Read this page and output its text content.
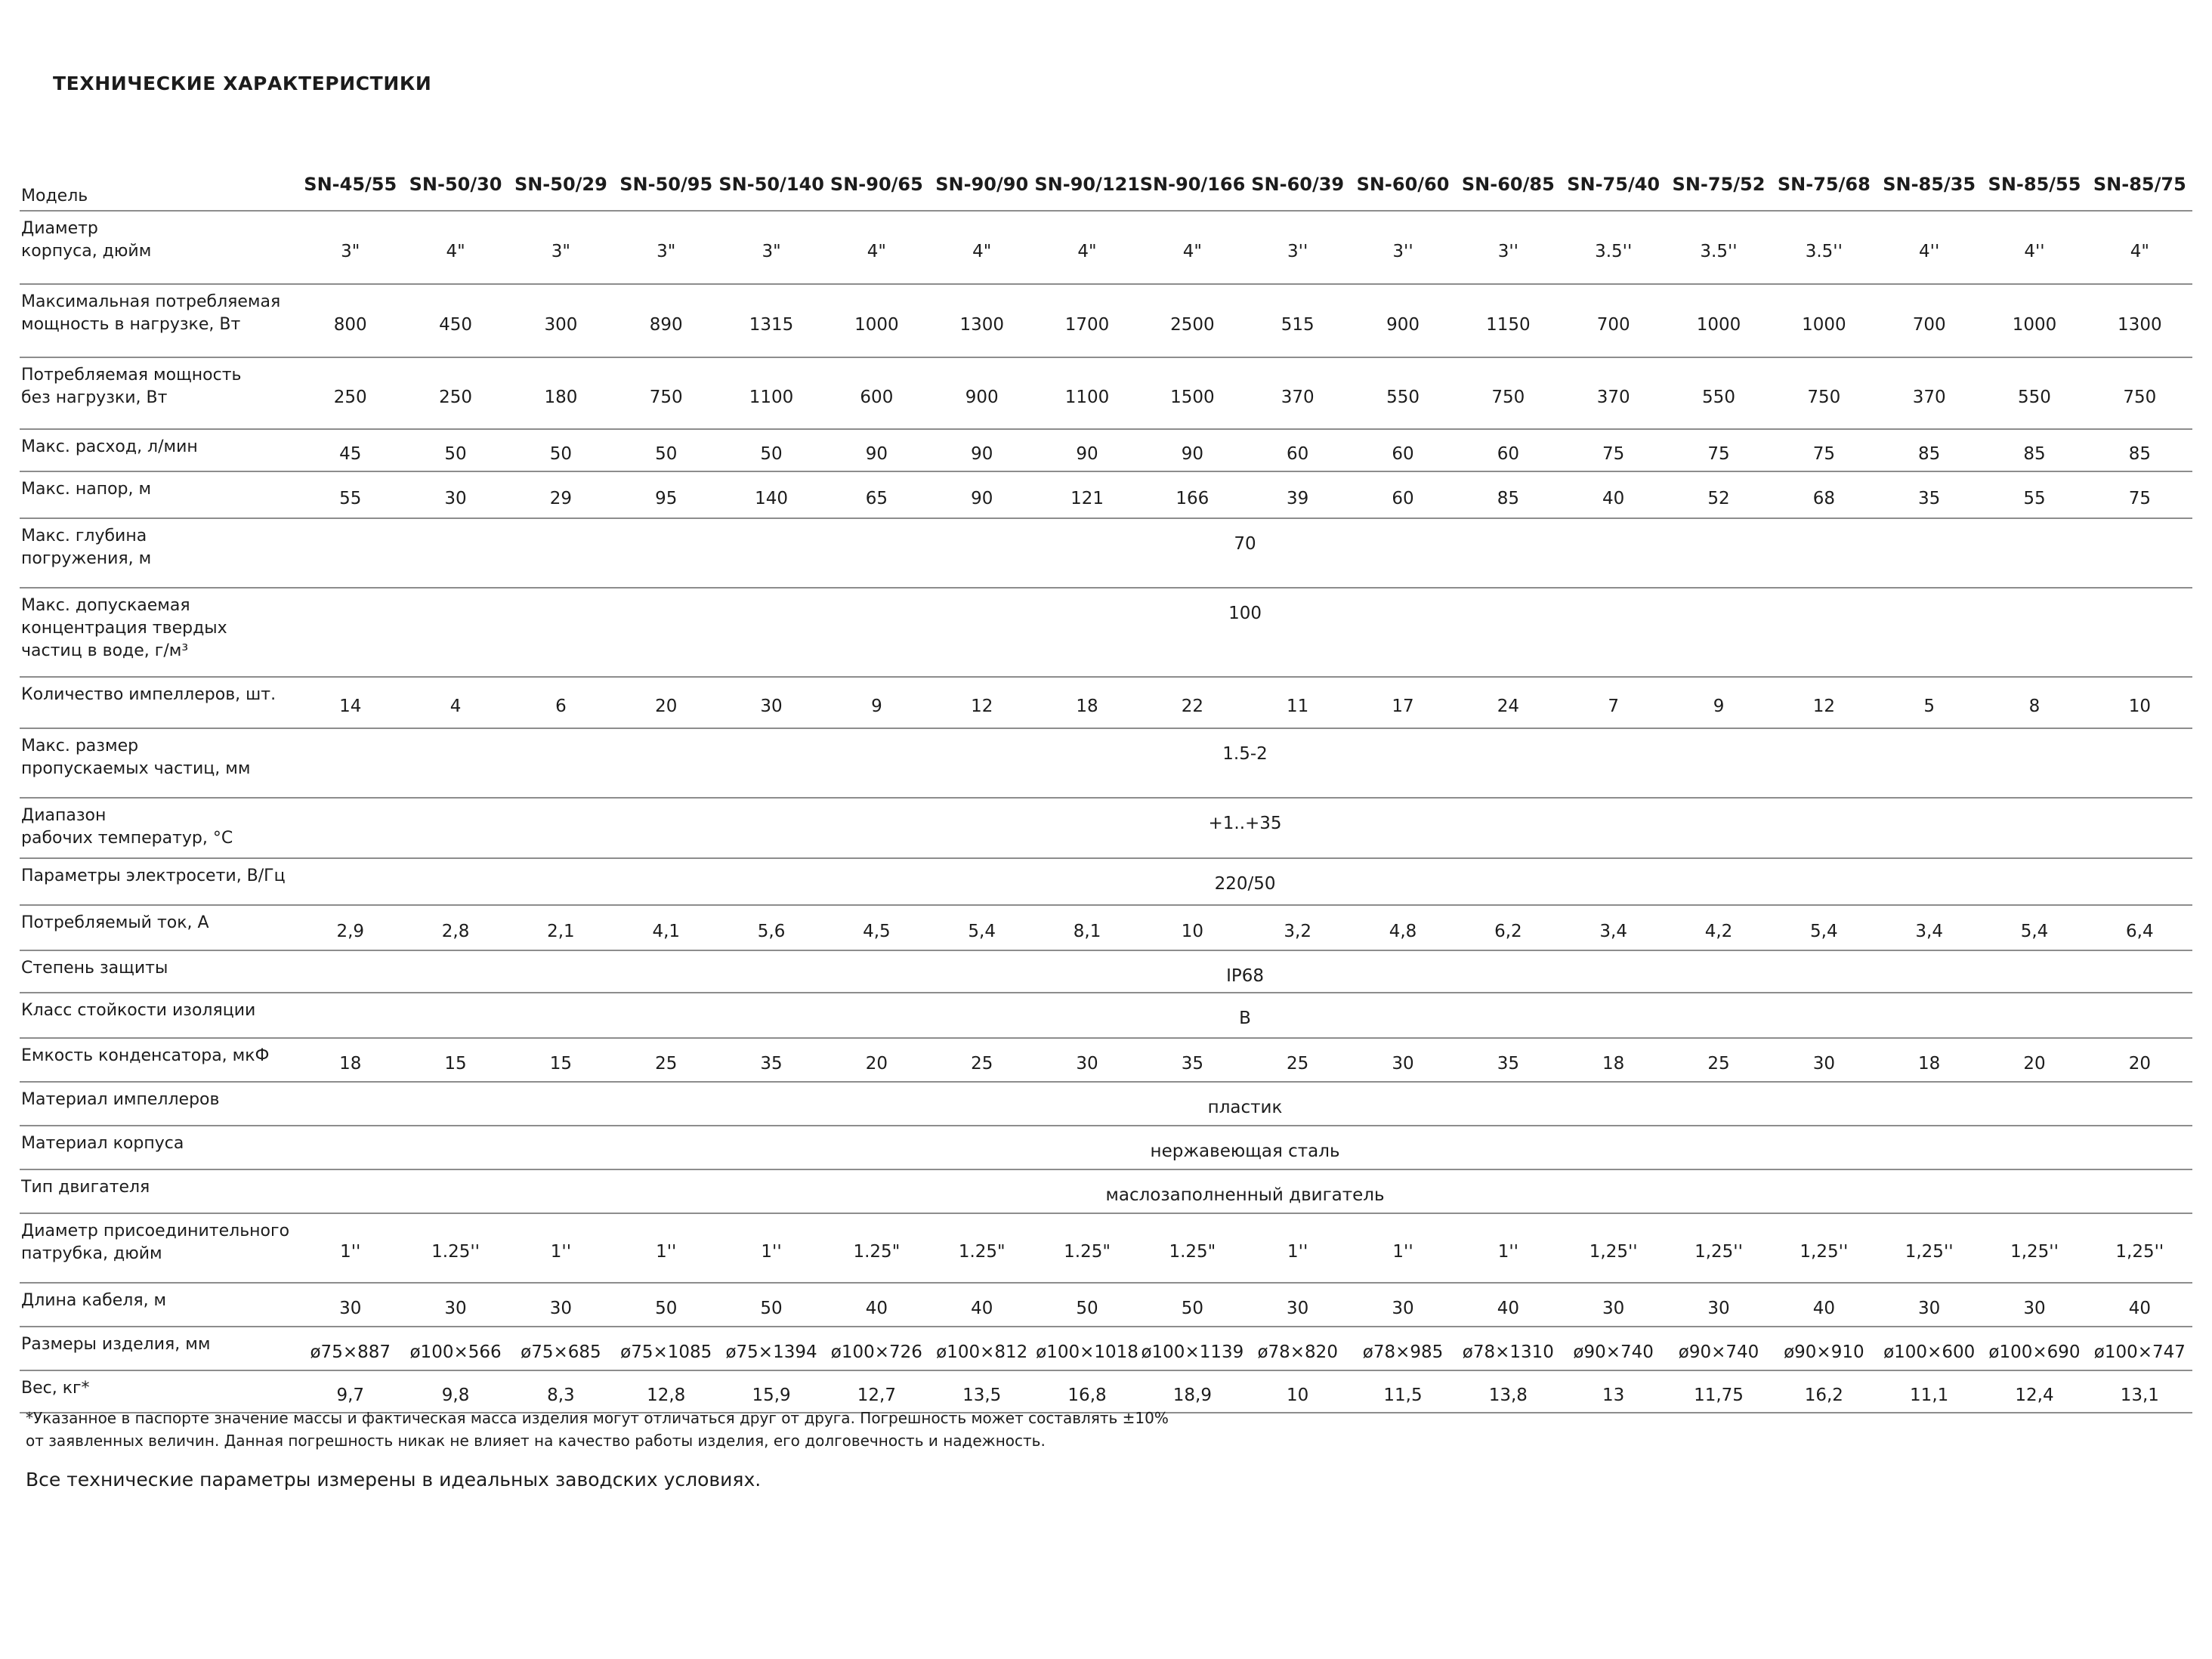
ТЕХНИЧЕСКИЕ ХАРАКТЕРИСТИКИ
Модель	SN-45/55	SN-50/30	SN-50/29	SN-50/95	SN-50/140	SN-90/65	SN-90/90	SN-90/121	SN-90/166	SN-60/39	SN-60/60	SN-60/85	SN-75/40	SN-75/52	SN-75/68	SN-85/35	SN-85/55	SN-85/75
Диаметр
корпуса, дюйм	3"	4"	3"	3"	3"	4"	4"	4"	4"	3''	3''	3''	3.5''	3.5''	3.5''	4''	4''	4"
Максимальная потребляемая
мощность в нагрузке, Вт	800	450	300	890	1315	1000	1300	1700	2500	515	900	1150	700	1000	1000	700	1000	1300
Потребляемая мощность
без нагрузки, Вт	250	250	180	750	1100	600	900	1100	1500	370	550	750	370	550	750	370	550	750
Макс. расход, л/мин	45	50	50	50	50	90	90	90	90	60	60	60	75	75	75	85	85	85
Макс. напор, м	55	30	29	95	140	65	90	121	166	39	60	85	40	52	68	35	55	75
Макс. глубина
погружения, м	70																	
Макс. допускаемая
концентрация твердых
частиц в воде, г/м³	100																	
Количество импеллеров, шт.	14	4	6	20	30	9	12	18	22	11	17	24	7	9	12	5	8	10
Макс. размер
пропускаемых частиц, мм	1.5-2																	
Диапазон
рабочих температур, °С	+1..+35																	
Параметры электросети, В/Гц	220/50																	
Потребляемый ток, А	2,9	2,8	2,1	4,1	5,6	4,5	5,4	8,1	10	3,2	4,8	6,2	3,4	4,2	5,4	3,4	5,4	6,4
Степень защиты	IP68																	
Класс стойкости изоляции	B																	
Емкость конденсатора, мкФ	18	15	15	25	35	20	25	30	35	25	30	35	18	25	30	18	20	20
Материал импеллеров	пластик																	
Материал корпуса	нержавеющая сталь																	
Тип двигателя	маслозаполненный двигатель																	
Диаметр присоединительного
патрубка, дюйм	1''	1.25''	1''	1''	1''	1.25"	1.25"	1.25"	1.25"	1''	1''	1''	1,25''	1,25''	1,25''	1,25''	1,25''	1,25''
Длина кабеля, м	30	30	30	50	50	40	40	50	50	30	30	40	30	30	40	30	30	40
Размеры изделия, мм	ø75×887	ø100×566	ø75×685	ø75×1085	ø75×1394	ø100×726	ø100×812	ø100×1018	ø100×1139	ø78×820	ø78×985	ø78×1310	ø90×740	ø90×740	ø90×910	ø100×600	ø100×690	ø100×747
Вес, кг*	9,7	9,8	8,3	12,8	15,9	12,7	13,5	16,8	18,9	10	11,5	13,8	13	11,75	16,2	11,1	12,4	13,1
*Указанное в паспорте значение массы и фактическая масса изделия могут отличаться друг от друга. Погрешность может составлять ±10%
от заявленных величин. Данная погрешность никак не влияет на качество работы изделия, его долговечность и надежность.
Все технические параметры измерены в идеальных заводских условиях.
